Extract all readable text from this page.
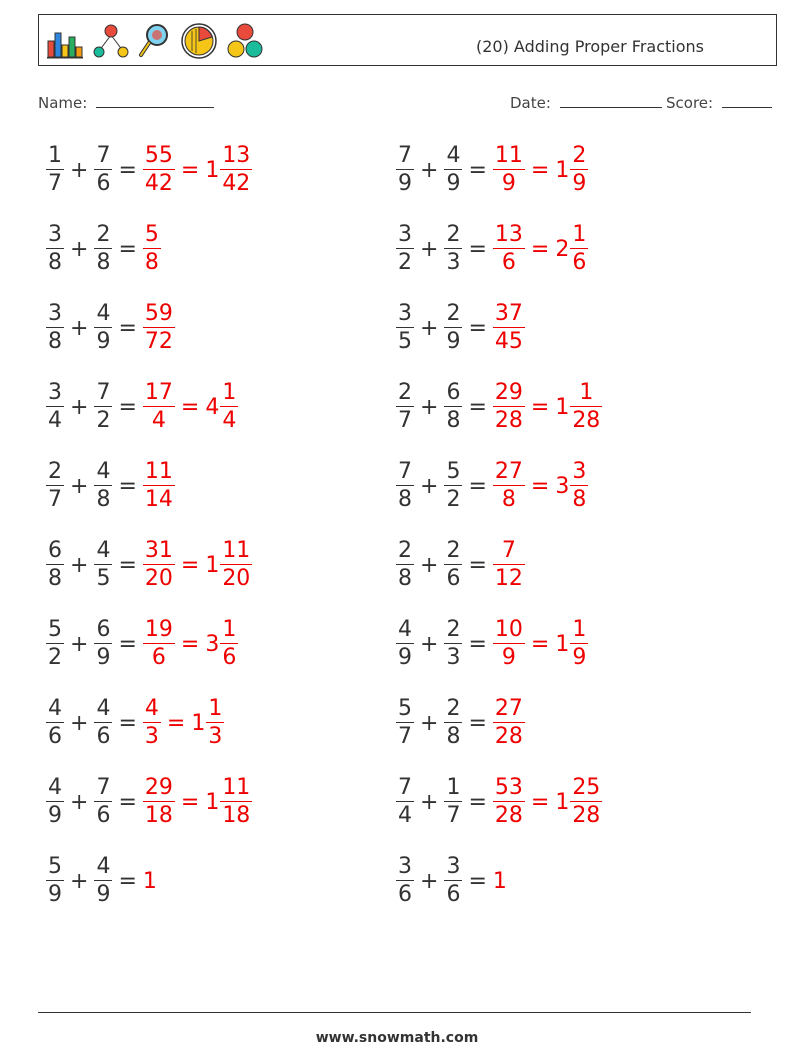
(20) Adding Proper Fractions
Name:	Date:	Score:
$\frac{1}{7} + \frac{7}{6} = \frac{55}{42} = 1 \frac{13}{42}$	$\frac{7}{9} + \frac{4}{9} = \frac{11}{9} = 1 \frac{2}{9}$
$\frac{3}{8} + \frac{2}{8} = \frac{5}{8}$	$\frac{3}{2} + \frac{2}{3} = \frac{13}{6} = 2 \frac{1}{6}$
$\frac{3}{8} + \frac{4}{9} = \frac{59}{72}$	$\frac{3}{5} + \frac{2}{9} = \frac{37}{45}$
$\frac{3}{4} + \frac{7}{2} = \frac{17}{4} = 4 \frac{1}{4}$	$\frac{2}{7} + \frac{6}{8} = \frac{29}{28} = 1 \frac{1}{28}$
$\frac{2}{7} + \frac{4}{8} = \frac{11}{14}$	$\frac{7}{8} + \frac{5}{2} = \frac{27}{8} = 3 \frac{3}{8}$
$\frac{6}{8} + \frac{4}{5} = \frac{31}{20} = 1 \frac{11}{20}$	$\frac{2}{8} + \frac{2}{6} = \frac{7}{12}$
$\frac{5}{2} + \frac{6}{9} = \frac{19}{6} = 3 \frac{1}{6}$	$\frac{4}{9} + \frac{2}{3} = \frac{10}{9} = 1 \frac{1}{9}$
$\frac{4}{6} + \frac{4}{6} = \frac{4}{3} = 1 \frac{1}{3}$	$\frac{5}{7} + \frac{2}{8} = \frac{27}{28}$
$\frac{4}{9} + \frac{7}{6} = \frac{29}{18} = 1 \frac{11}{18}$	$\frac{7}{4} + \frac{1}{7} = \frac{53}{28} = 1 \frac{25}{28}$
$\frac{5}{9} + \frac{4}{9} = 1$	$\frac{3}{6} + \frac{3}{6} = 1$
www.snowmath.com
